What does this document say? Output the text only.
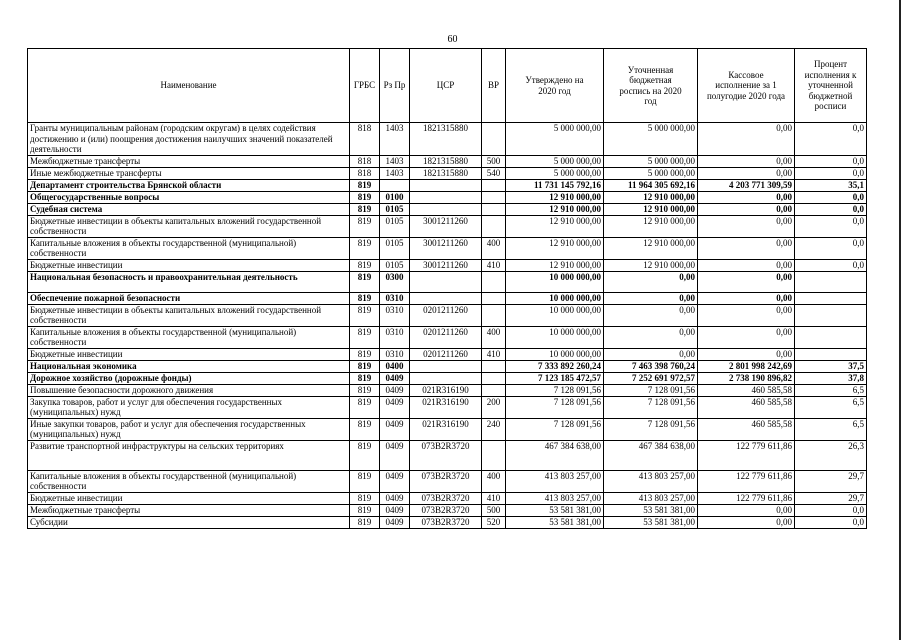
60
Наименование	ГРБС	Рз Пр	ЦСР	ВР	Утверждено на 2020 год	Уточненная бюджетная роспись на 2020 год	Кассовое исполнение за 1 полугодие 2020 года	Процент исполнения к уточненной бюджетной росписи
Гранты муниципальным районам (городским округам) в целях содействия достижению и (или) поощрения достижения наилучших значений показателей деятельности	818	1403	1821315880		5 000 000,00	5 000 000,00	0,00	0,0
Межбюджетные трансферты	818	1403	1821315880	500	5 000 000,00	5 000 000,00	0,00	0,0
Иные межбюджетные трансферты	818	1403	1821315880	540	5 000 000,00	5 000 000,00	0,00	0,0
Департамент строительства Брянской области	819				11 731 145 792,16	11 964 305 692,16	4 203 771 309,59	35,1
Общегосударственные вопросы	819	0100			12 910 000,00	12 910 000,00	0,00	0,0
Судебная система	819	0105			12 910 000,00	12 910 000,00	0,00	0,0
Бюджетные инвестиции в объекты капитальных вложений государственной собственности	819	0105	3001211260		12 910 000,00	12 910 000,00	0,00	0,0
Капитальные вложения в объекты государственной (муниципальной) собственности	819	0105	3001211260	400	12 910 000,00	12 910 000,00	0,00	0,0
Бюджетные инвестиции	819	0105	3001211260	410	12 910 000,00	12 910 000,00	0,00	0,0
Национальная безопасность и правоохранительная деятельность	819	0300			10 000 000,00	0,00	0,00	
Обеспечение пожарной безопасности	819	0310			10 000 000,00	0,00	0,00	
Бюджетные инвестиции в объекты капитальных вложений государственной собственности	819	0310	0201211260		10 000 000,00	0,00	0,00	
Капитальные вложения в объекты государственной (муниципальной) собственности	819	0310	0201211260	400	10 000 000,00	0,00	0,00	
Бюджетные инвестиции	819	0310	0201211260	410	10 000 000,00	0,00	0,00	
Национальная экономика	819	0400			7 333 892 260,24	7 463 398 760,24	2 801 998 242,69	37,5
Дорожное хозяйство (дорожные фонды)	819	0409			7 123 185 472,57	7 252 691 972,57	2 738 190 896,82	37,8
Повышение безопасности дорожного движения	819	0409	021R316190		7 128 091,56	7 128 091,56	460 585,58	6,5
Закупка товаров, работ и услуг для обеспечения государственных (муниципальных) нужд	819	0409	021R316190	200	7 128 091,56	7 128 091,56	460 585,58	6,5
Иные закупки товаров, работ и услуг для обеспечения государственных (муниципальных) нужд	819	0409	021R316190	240	7 128 091,56	7 128 091,56	460 585,58	6,5
Развитие транспортной инфраструктуры на сельских территориях	819	0409	073B2R3720		467 384 638,00	467 384 638,00	122 779 611,86	26,3
Капитальные вложения в объекты государственной (муниципальной) собственности	819	0409	073B2R3720	400	413 803 257,00	413 803 257,00	122 779 611,86	29,7
Бюджетные инвестиции	819	0409	073B2R3720	410	413 803 257,00	413 803 257,00	122 779 611,86	29,7
Межбюджетные трансферты	819	0409	073B2R3720	500	53 581 381,00	53 581 381,00	0,00	0,0
Субсидии	819	0409	073B2R3720	520	53 581 381,00	53 581 381,00	0,00	0,0
